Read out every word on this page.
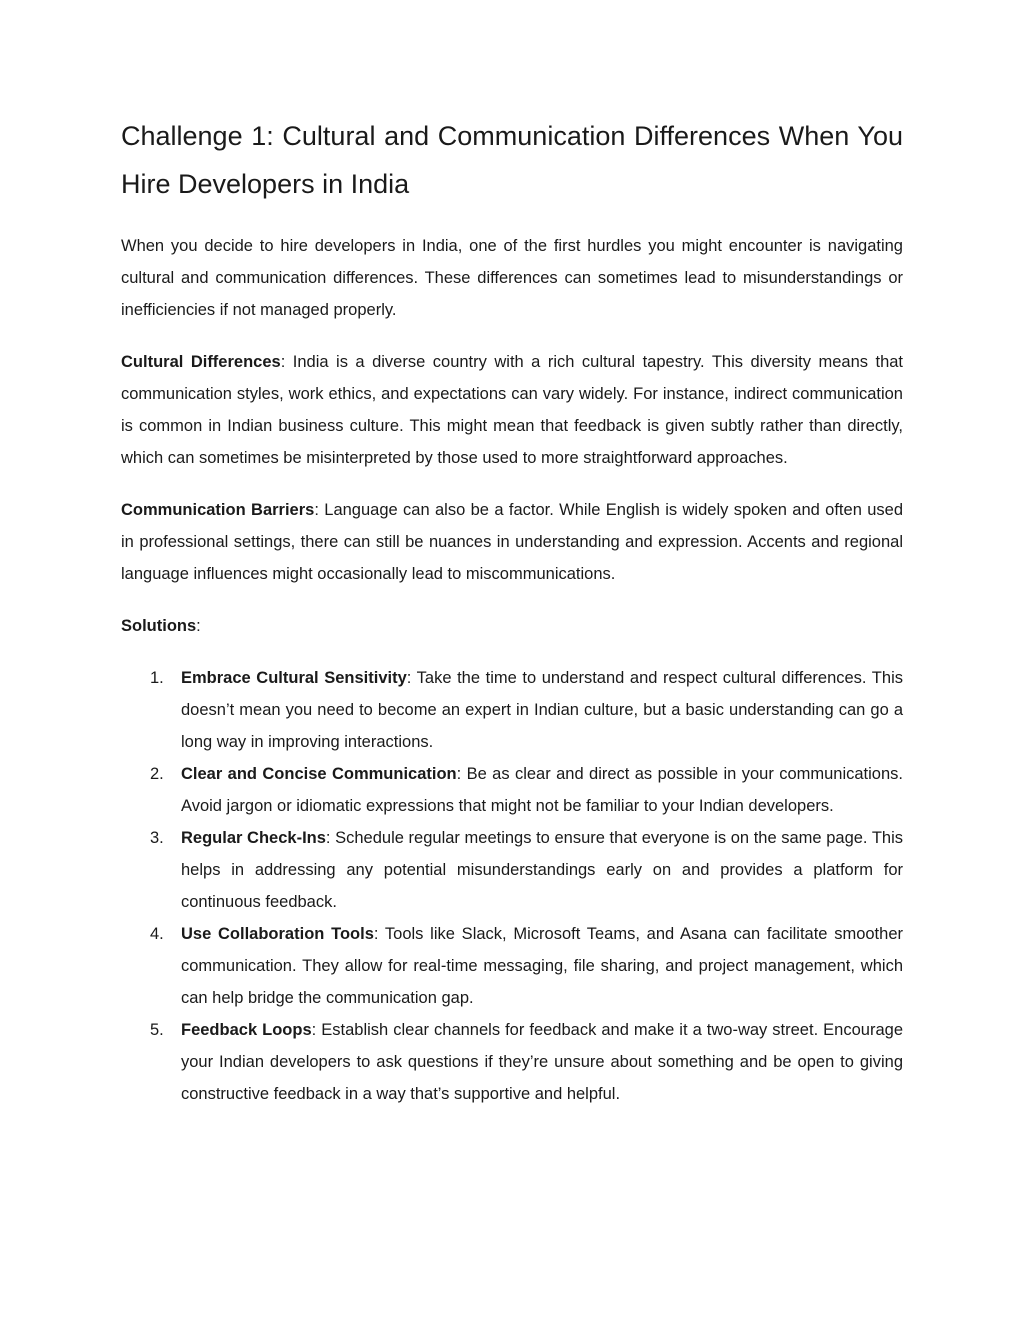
Challenge 1: Cultural and Communication Differences When You Hire Developers in India

When you decide to hire developers in India, one of the first hurdles you might encounter is navigating cultural and communication differences. These differences can sometimes lead to misunderstandings or inefficiencies if not managed properly.

Cultural Differences: India is a diverse country with a rich cultural tapestry. This diversity means that communication styles, work ethics, and expectations can vary widely. For instance, indirect communication is common in Indian business culture. This might mean that feedback is given subtly rather than directly, which can sometimes be misinterpreted by those used to more straightforward approaches.

Communication Barriers: Language can also be a factor. While English is widely spoken and often used in professional settings, there can still be nuances in understanding and expression. Accents and regional language influences might occasionally lead to miscommunications.

Solutions:

1. Embrace Cultural Sensitivity: Take the time to understand and respect cultural differences. This doesn’t mean you need to become an expert in Indian culture, but a basic understanding can go a long way in improving interactions.
2. Clear and Concise Communication: Be as clear and direct as possible in your communications. Avoid jargon or idiomatic expressions that might not be familiar to your Indian developers.
3. Regular Check-Ins: Schedule regular meetings to ensure that everyone is on the same page. This helps in addressing any potential misunderstandings early on and provides a platform for continuous feedback.
4. Use Collaboration Tools: Tools like Slack, Microsoft Teams, and Asana can facilitate smoother communication. They allow for real-time messaging, file sharing, and project management, which can help bridge the communication gap.
5. Feedback Loops: Establish clear channels for feedback and make it a two-way street. Encourage your Indian developers to ask questions if they’re unsure about something and be open to giving constructive feedback in a way that’s supportive and helpful.
